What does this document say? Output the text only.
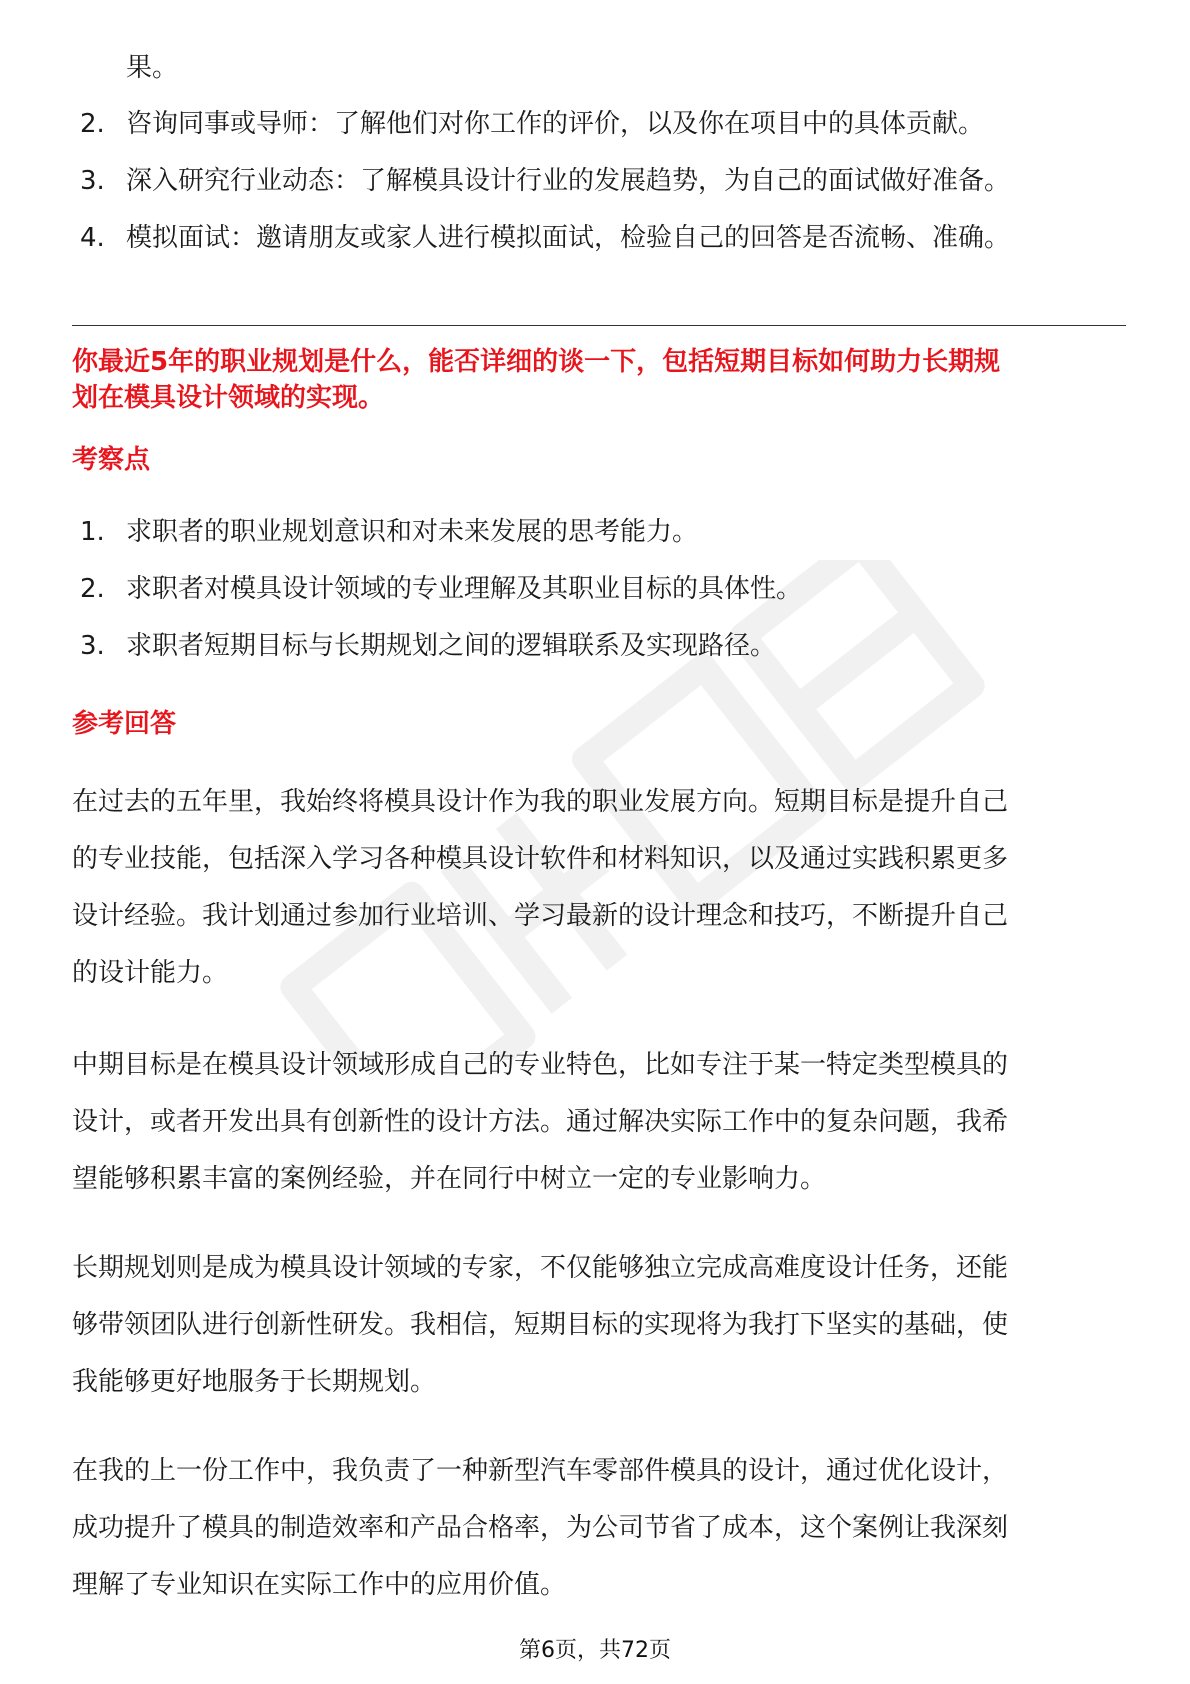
果。
2. 咨询同事或导师：了解他们对你工作的评价，以及你在项目中的具体贡献。
3. 深入研究行业动态：了解模具设计行业的发展趋势，为自己的面试做好准备。
4. 模拟面试：邀请朋友或家人进行模拟面试，检验自己的回答是否流畅、准确。
你最近5年的职业规划是什么，能否详细的谈一下，包括短期目标如何助力长期规
划在模具设计领域的实现。
考察点
1. 求职者的职业规划意识和对未来发展的思考能力。
2. 求职者对模具设计领域的专业理解及其职业目标的具体性。
3. 求职者短期目标与长期规划之间的逻辑联系及实现路径。
参考回答
在过去的五年里，我始终将模具设计作为我的职业发展方向。短期目标是提升自己
的专业技能，包括深入学习各种模具设计软件和材料知识，以及通过实践积累更多
设计经验。我计划通过参加行业培训、学习最新的设计理念和技巧，不断提升自己
的设计能力。
中期目标是在模具设计领域形成自己的专业特色，比如专注于某一特定类型模具的
设计，或者开发出具有创新性的设计方法。通过解决实际工作中的复杂问题，我希
望能够积累丰富的案例经验，并在同行中树立一定的专业影响力。
长期规划则是成为模具设计领域的专家，不仅能够独立完成高难度设计任务，还能
够带领团队进行创新性研发。我相信，短期目标的实现将为我打下坚实的基础，使
我能够更好地服务于长期规划。
在我的上一份工作中，我负责了一种新型汽车零部件模具的设计，通过优化设计，
成功提升了模具的制造效率和产品合格率，为公司节省了成本，这个案例让我深刻
理解了专业知识在实际工作中的应用价值。
第6页，共72页
